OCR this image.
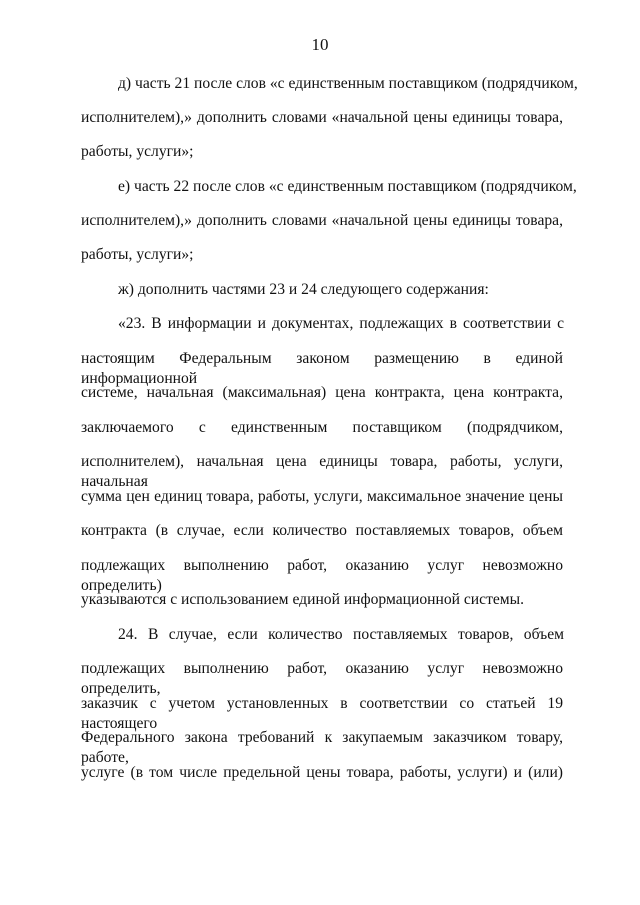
10
д) часть 21 после слов «с единственным поставщиком (подрядчиком,
исполнителем),» дополнить словами «начальной цены единицы товара,
работы, услуги»;
е) часть 22 после слов «с единственным поставщиком (подрядчиком,
исполнителем),» дополнить словами «начальной цены единицы товара,
работы, услуги»;
ж) дополнить частями 23 и 24 следующего содержания:
«23. В информации и документах, подлежащих в соответствии с
настоящим Федеральным законом размещению в единой информационной
системе, начальная (максимальная) цена контракта, цена контракта,
заключаемого с единственным поставщиком (подрядчиком,
исполнителем), начальная цена единицы товара, работы, услуги, начальная
сумма цен единиц товара, работы, услуги, максимальное значение цены
контракта (в случае, если количество поставляемых товаров, объем
подлежащих выполнению работ, оказанию услуг невозможно определить)
указываются с использованием единой информационной системы.
24. В случае, если количество поставляемых товаров, объем
подлежащих выполнению работ, оказанию услуг невозможно определить,
заказчик с учетом установленных в соответствии со статьей 19 настоящего
Федерального закона требований к закупаемым заказчиком товару, работе,
услуге (в том числе предельной цены товара, работы, услуги) и (или)
